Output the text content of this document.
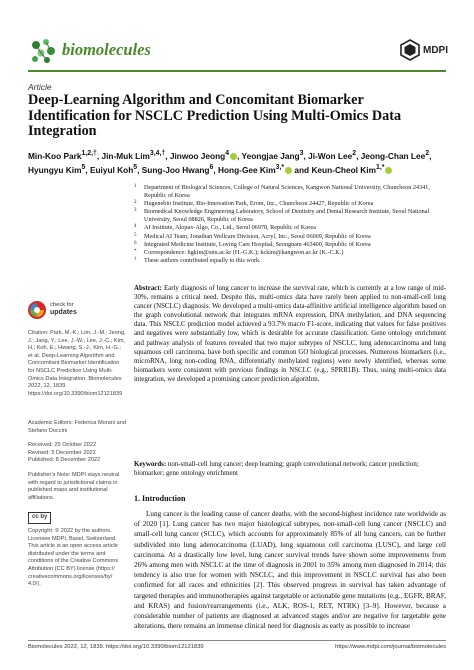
biomolecules	MDPI
Article
Deep-Learning Algorithm and Concomitant Biomarker Identification for NSCLC Prediction Using Multi-Omics Data Integration
Min-Koo Park$^{1,2,\dagger}$, Jin-Muk Lim$^{3,4,\dagger}$, Jinwoo Jeong$^4$ , Yeongjae Jang$^3$, Ji-Won Lee$^2$, Jeong-Chan Lee$^2$, Hyungyu Kim$^5$, Euiyul Koh$^5$, Sung-Joo Hwang$^6$, Hong-Gee Kim$^{3,*}$ and Keun-Cheol Kim$^{1,*}$
1 Department of Biological Sciences, College of Natural Sciences, Kangwon National University, Chuncheon 24341, Republic of Korea
2 Hugenebio Institute, Bio-Innovation Park, Erom, Inc., Chuncheon 24427, Republic of Korea
3 Biomedical Knowledge Engineering Laboratory, School of Dentistry and Dental Research Institute, Seoul National University, Seoul 08826, Republic of Korea
4 AI Institute, Alopax-Algo, Co., Ltd., Seoul 06978, Republic of Korea
5 Medical AI Team, Jonathan Wellcare Division, Acryl, Inc., Seoul 06069, Republic of Korea
6 Integrated Medicine Institute, Loving Care Hospital, Seongnam 463400, Republic of Korea
* Correspondence: hgkim@snu.ac.kr (H.-G.K.); kckim@kangwon.ac.kr (K.-C.K.)
† These authors contributed equally to this work.
check for
updates
Citation: Park, M.-K.; Lim, J.-M.; Jeong, J.; Jang, Y.; Lee, J.-W.; Lee, J.-C.; Kim, H.; Koh, E.; Hwang, S.-J.; Kim, H.-G.; et al. Deep-Learning Algorithm and Concomitant Biomarker Identification for NSCLC Prediction Using Multi-Omics Data Integration. Biomolecules 2022, 12, 1839. https://doi.org/10.3390/biom12121839
Academic Editors: Federica Morani and Stefano Doccini
Received: 25 October 2022
Revised: 5 December 2022
Published: 8 December 2022
Publisher’s Note: MDPI stays neutral with regard to jurisdictional claims in published maps and institutional affiliations.
cc by
Copyright: © 2022 by the authors. Licensee MDPI, Basel, Switzerland. This article is an open access article distributed under the terms and conditions of the Creative Commons Attribution (CC BY) license (https:// creativecommons.org/licenses/by/ 4.0/).
Abstract: Early diagnosis of lung cancer to increase the survival rate, which is currently at a low range of mid-30%, remains a critical need. Despite this, multi-omics data have rarely been applied to non-small-cell lung cancer (NSCLC) diagnosis. We developed a multi-omics data-affinitive artificial intelligence algorithm based on the graph convolutional network that integrates mRNA expression, DNA methylation, and DNA sequencing data. This NSCLC prediction model achieved a 93.7% macro F1-score, indicating that values for false positives and negatives were substantially low, which is desirable for accurate classification. Gene ontology enrichment and pathway analysis of features revealed that two major subtypes of NSCLC, lung adenocarcinoma and lung squamous cell carcinoma, have both specific and common GO biological processes. Numerous biomarkers (i.e., microRNA, long non-coding RNA, differentially methylated regions) were newly identified, whereas some biomarkers were consistent with previous findings in NSCLC (e.g., SPRR1B). Thus, using multi-omics data integration, we developed a promising cancer prediction algorithm.
Keywords: non-small-cell lung cancer; deep learning; graph convolutional network; cancer prediction; biomarker; gene ontology enrichment
1. Introduction
Lung cancer is the leading cause of cancer deaths, with the second-highest incidence rate worldwide as of 2020 [1]. Lung cancer has two major histological subtypes, non-small-cell lung cancer (NSCLC) and small-cell lung cancer (SCLC), which accounts for approximately 85% of all lung cancers, can be further subdivided into lung adenocarcinoma (LUAD), lung squamous cell carcinoma (LUSC), and large cell carcinoma. At a drastically low level, lung cancer survival trends have shown some improvements from 26% among men with NSCLC at the time of diagnosis in 2001 to 35% among men diagnosed in 2014; this tendency is also true for women with NSCLC, and this improvement in NSCLC survival has also been confirmed for all races and ethnicities [2]. This observed progress in survival has taken advantage of targeted therapies and immunotherapies against targetable or actionable gene mutations (e.g., EGFR, BRAF, and KRAS) and fusion/rearrangements (i.e., ALK, ROS-1, RET, NTRK) [3–9]. However, because a considerable number of patients are diagnosed at advanced stages and/or are negative for targetable gene alterations, there remains an immense clinical need for diagnosis as early as possible to increase
Biomolecules 2022, 12, 1839. https://doi.org/10.3390/biom12121839	https://www.mdpi.com/journal/biomolecules
